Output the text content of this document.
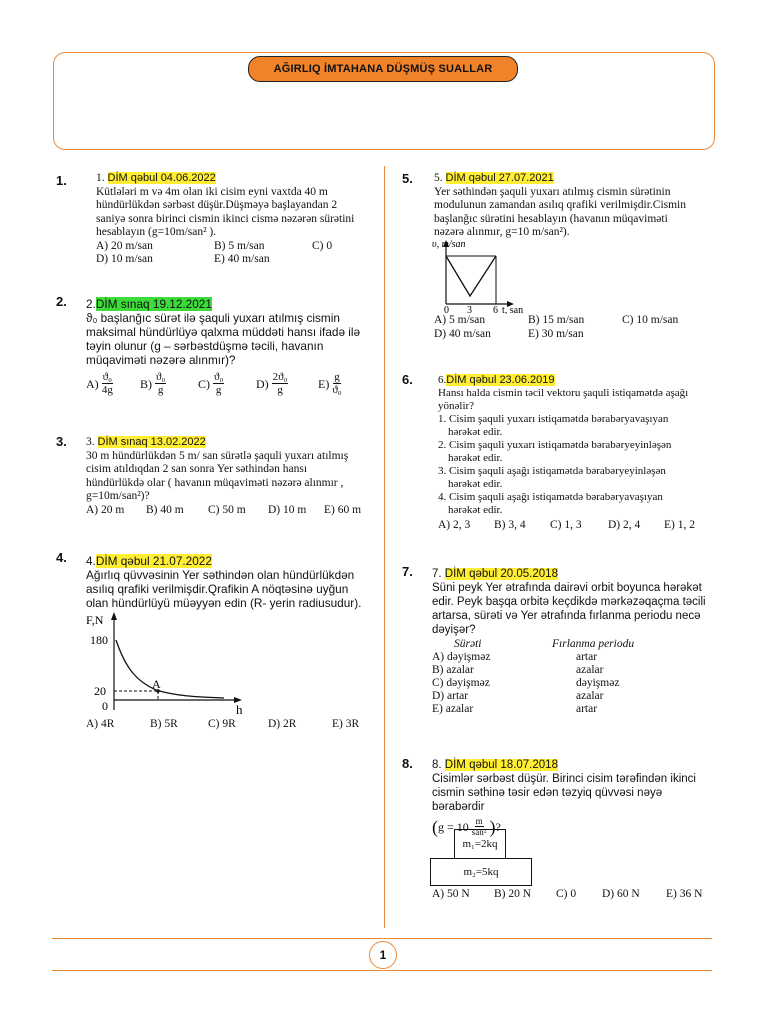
AĞIRLIQ İMTAHANA DÜŞMÜŞ SUALLAR
1
1.	1. DİM qəbul 04.06.2022
Kütlələri m və 4m olan iki cisim eyni vaxtda 40 m
hündürlükdən sərbəst düşür.Düşməyə başlayandan 2
saniyə sonra birinci cismin ikinci cismə nəzərən sürətini
hesablayın (g=10m/san² ).
A) 20 m/san	B) 5 m/san	C) 0
D) 10 m/san	E) 40 m/san
2. 2.DİM sınaq 19.12.2021
ϑ₀ başlanğıc sürət ilə şaquli yuxarı atılmış cismin
maksimal hündürlüyə qalxma müddəti hansı ifadə ilə
təyin olunur (g – sərbəstdüşmə təcili, havanın
müqaviməti nəzərə alınmır)?
$A) \frac{\text{ϑ₀}}{4g} B) \frac{\text{ϑ₀}}{g}$	$C) \frac{\text{ϑ₀}}{g}$	$D) \frac{\text{2ϑ₀}}{g} E) \frac{g}{\text{ϑ₀}}$
3. 3. DİM sınaq 13.02.2022
30 m hündürlükdən 5 m/ san sürətlə şaquli yuxarı atılmış
cisim atıldıqdan 2 san sonra Yer səthindən hansı
hündürlükdə olar ( havanın müqaviməti nəzərə alınmır ,
g=10m/san²)?
A) 20 m B) 40 m C) 50 m D) 10 m E) 60 m
4. 4.DİM qəbul 21.07.2022
Ağırlıq qüvvəsinin Yer səthindən olan hündürlükdən
asılıq qrafiki verilmişdir.Qrafikin A nöqtəsinə uyğun
olan hündürlüyü müəyyən edin (R- yerin radiusudur).
F,N
180
20
0
A
h
A) 4R	B) 5R	C) 9R	D) 2R	E) 3R
5. 5. DİM qəbul 27.07.2021
Yer səthindən şaquli yuxarı atılmış cismin sürətinin
modulunun zamandan asılıq qrafiki verilmişdir.Cismin
başlanğıc sürətini hesablayın (havanın müqaviməti
nəzərə alınmır, g=10 m/san²).
υ, m/san
0 3 6 t, san
A) 5 m/san	B) 15 m/san	C) 10 m/san
D) 40 m/san	E) 30 m/san
6. 6.DİM qəbul 23.06.2019
Hansı halda cismin təcil vektoru şaquli istiqamətdə aşağı
yönəlir?
1. Cisim şaquli yuxarı istiqamətdə bərabəryavaşıyan
hərəkət edir.
2. Cisim şaquli yuxarı istiqamətdə bərabəryeyinləşən
hərəkət edir.
3. Cisim şaquli aşağı istiqamətdə bərabəryeyinləşən
hərəkət edir.
4. Cisim şaquli aşağı istiqamətdə bərabəryavaşıyan
hərəkət edir.
A) 2, 3 B) 3, 4 C) 1, 3 D) 2, 4 E) 1, 2
7. 7. DİM qəbul 20.05.2018
Süni peyk Yer ətrafında dairəvi orbit boyunca hərəkət
edir. Peyk başqa orbitə keçdikdə mərkəzəqaçma təcili
artarsa, sürəti və Yer ətrafında fırlanma periodu necə
dəyişər?
Sürəti	Fırlanma periodu
A) dəyişməz	artar
B) azalar	azalar
C) dəyişməz	dəyişməz
D) artar	azalar
E) azalar	artar
8. 8. DİM qəbul 18.07.2018
Cisimlər sərbəst düşür. Birinci cisim tərəfindən ikinci
cismin səthinə təsir edən təzyiq qüvvəsi nəyə bərabərdir
( $g = 10 \frac{m}{\text{san²}}$ ) ?
m₁=2kq
m₂=5kq
A) 50 N B) 20 N C) 0 D) 60 N E) 36 N
